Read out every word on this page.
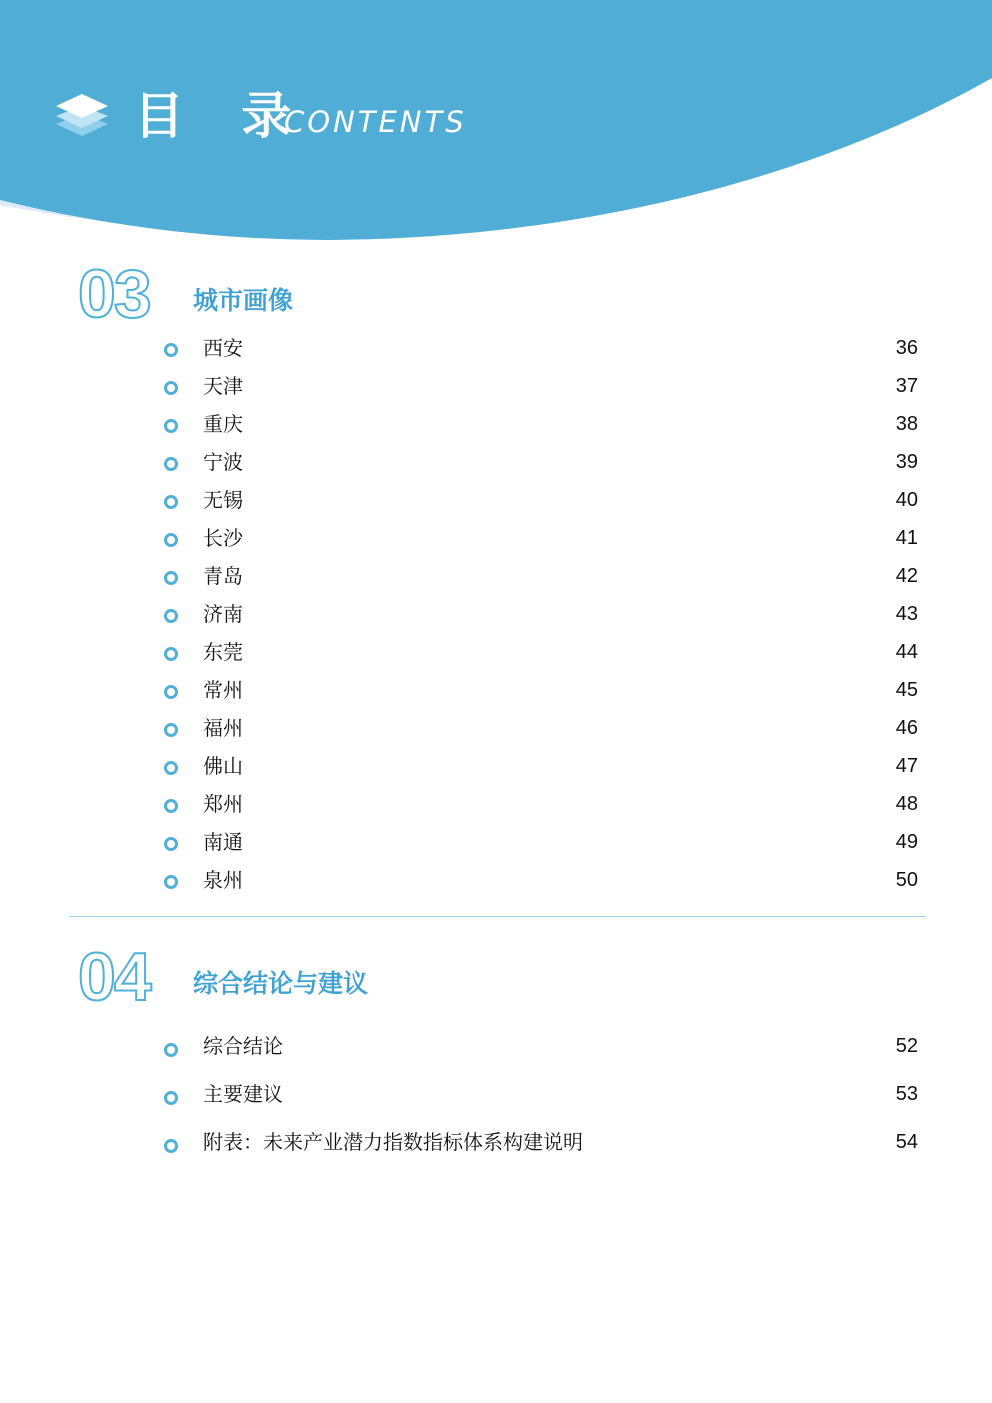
目 录
CONTENTS
03 城市画像
西安	36
天津	37
重庆	38
宁波	39
无锡	40
长沙	41
青岛	42
济南	43
东莞	44
常州	45
福州	46
佛山	47
郑州	48
南通	49
泉州	50
04 综合结论与建议
综合结论	52
主要建议	53
附表：未来产业潜力指数指标体系构建说明	54
